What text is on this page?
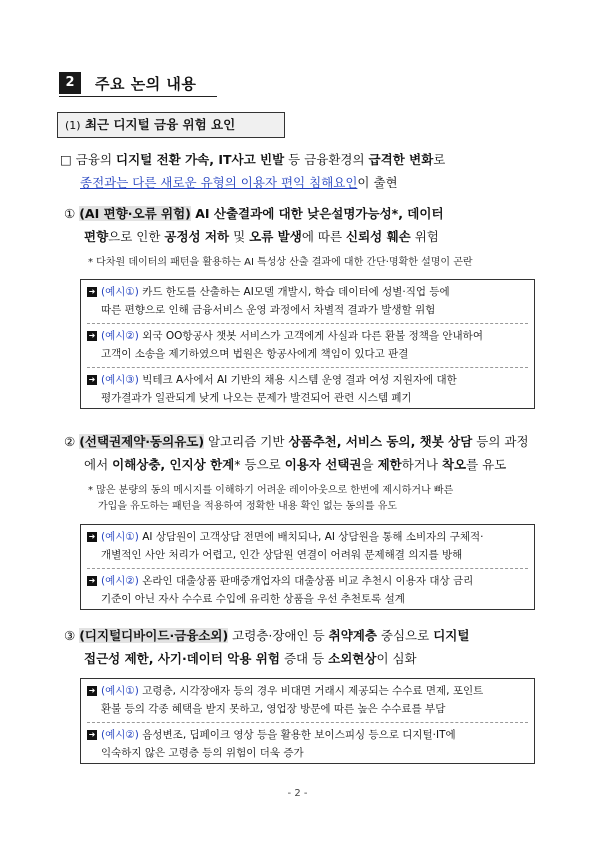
2	주요 논의 내용
(1) 최근 디지털 금융 위험 요인
□ 금융의 디지털 전환 가속, IT사고 빈발 등 금융환경의 급격한 변화로
종전과는 다른 새로운 유형의 이용자 편익 침해요인이 출현
① (AI 편향·오류 위험) AI 산출결과에 대한 낮은설명가능성*, 데이터
편향으로 인한 공정성 저하 및 오류 발생에 따른 신뢰성 훼손 위험
* 다차원 데이터의 패턴을 활용하는 AI 특성상 산출 결과에 대한 간단·명확한 설명이 곤란
➜ (예시①) 카드 한도를 산출하는 AI모델 개발시, 학습 데이터에 성별·직업 등에
따른 편향으로 인해 금융서비스 운영 과정에서 차별적 결과가 발생할 위험
➜ (예시②) 외국 OO항공사 챗봇 서비스가 고객에게 사실과 다른 환불 정책을 안내하여
고객이 소송을 제기하였으며 법원은 항공사에게 책임이 있다고 판결
➜ (예시③) 빅테크 A사에서 AI 기반의 채용 시스템 운영 결과 여성 지원자에 대한
평가결과가 일관되게 낮게 나오는 문제가 발견되어 관련 시스템 폐기
② (선택권제약·동의유도) 알고리즘 기반 상품추천, 서비스 동의, 챗봇 상담 등의 과정
에서 이해상충, 인지상 한계* 등으로 이용자 선택권을 제한하거나 착오를 유도
* 많은 분량의 동의 메시지를 이해하기 어려운 레이아웃으로 한번에 제시하거나 빠른
가입을 유도하는 패턴을 적용하여 정확한 내용 확인 없는 동의를 유도
➜ (예시①) AI 상담원이 고객상담 전면에 배치되나, AI 상담원을 통해 소비자의 구체적·
개별적인 사안 처리가 어렵고, 인간 상담원 연결이 어려워 문제해결 의지를 방해
➜ (예시②) 온라인 대출상품 판매중개업자의 대출상품 비교 추천시 이용자 대상 금리
기준이 아닌 자사 수수료 수입에 유리한 상품을 우선 추천토록 설계
③ (디지털디바이드·금융소외) 고령층·장애인 등 취약계층 중심으로 디지털
접근성 제한, 사기·데이터 악용 위험 증대 등 소외현상이 심화
➜ (예시①) 고령층, 시각장애자 등의 경우 비대면 거래시 제공되는 수수료 면제, 포인트
환불 등의 각종 혜택을 받지 못하고, 영업장 방문에 따른 높은 수수료를 부담
➜ (예시②) 음성변조, 딥페이크 영상 등을 활용한 보이스피싱 등으로 디지털·IT에
익숙하지 않은 고령층 등의 위험이 더욱 증가
- 2 -
